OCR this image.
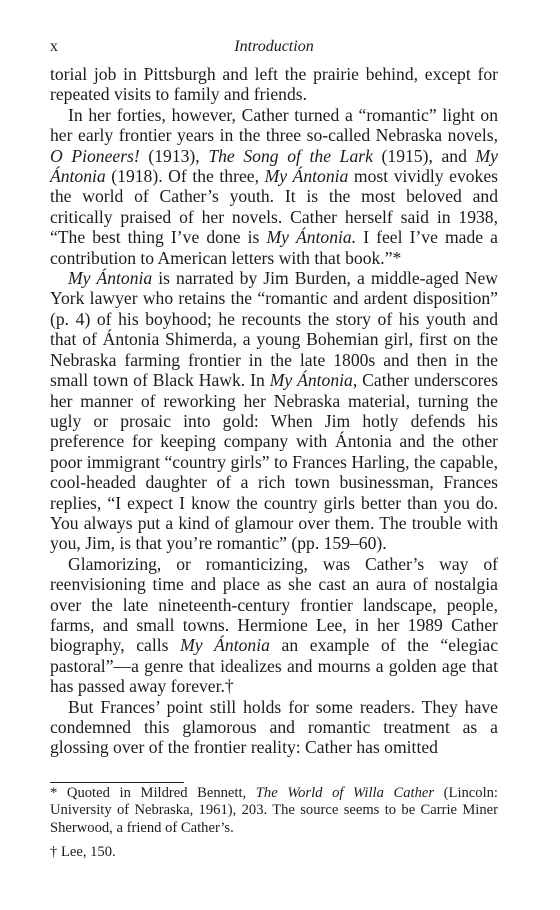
x	Introduction

torial job in Pittsburgh and left the prairie behind, except for repeated visits to family and friends.

In her forties, however, Cather turned a “romantic” light on her early frontier years in the three so-called Nebraska novels, O Pioneers! (1913), The Song of the Lark (1915), and My Ántonia (1918). Of the three, My Ántonia most vividly evokes the world of Cather’s youth. It is the most beloved and critically praised of her novels. Cather herself said in 1938, “The best thing I’ve done is My Ántonia. I feel I’ve made a contribution to American letters with that book.”*

My Ántonia is narrated by Jim Burden, a middle-aged New York lawyer who retains the “romantic and ardent disposition” (p. 4) of his boyhood; he recounts the story of his youth and that of Ántonia Shimerda, a young Bohemian girl, first on the Nebraska farming frontier in the late 1800s and then in the small town of Black Hawk. In My Ántonia, Cather underscores her manner of reworking her Nebraska material, turning the ugly or prosaic into gold: When Jim hotly defends his preference for keeping company with Ántonia and the other poor immigrant “country girls” to Frances Harling, the capable, cool-headed daughter of a rich town businessman, Frances replies, “I expect I know the country girls better than you do. You always put a kind of glamour over them. The trouble with you, Jim, is that you’re romantic” (pp. 159–60).

Glamorizing, or romanticizing, was Cather’s way of reenvisioning time and place as she cast an aura of nostalgia over the late nineteenth-century frontier landscape, people, farms, and small towns. Hermione Lee, in her 1989 Cather biography, calls My Ántonia an example of the “elegiac pastoral”—a genre that idealizes and mourns a golden age that has passed away forever.†

But Frances’ point still holds for some readers. They have condemned this glamorous and romantic treatment as a glossing over of the frontier reality: Cather has omitted

* Quoted in Mildred Bennett, The World of Willa Cather (Lincoln: University of Nebraska, 1961), 203. The source seems to be Carrie Miner Sherwood, a friend of Cather’s.

† Lee, 150.
